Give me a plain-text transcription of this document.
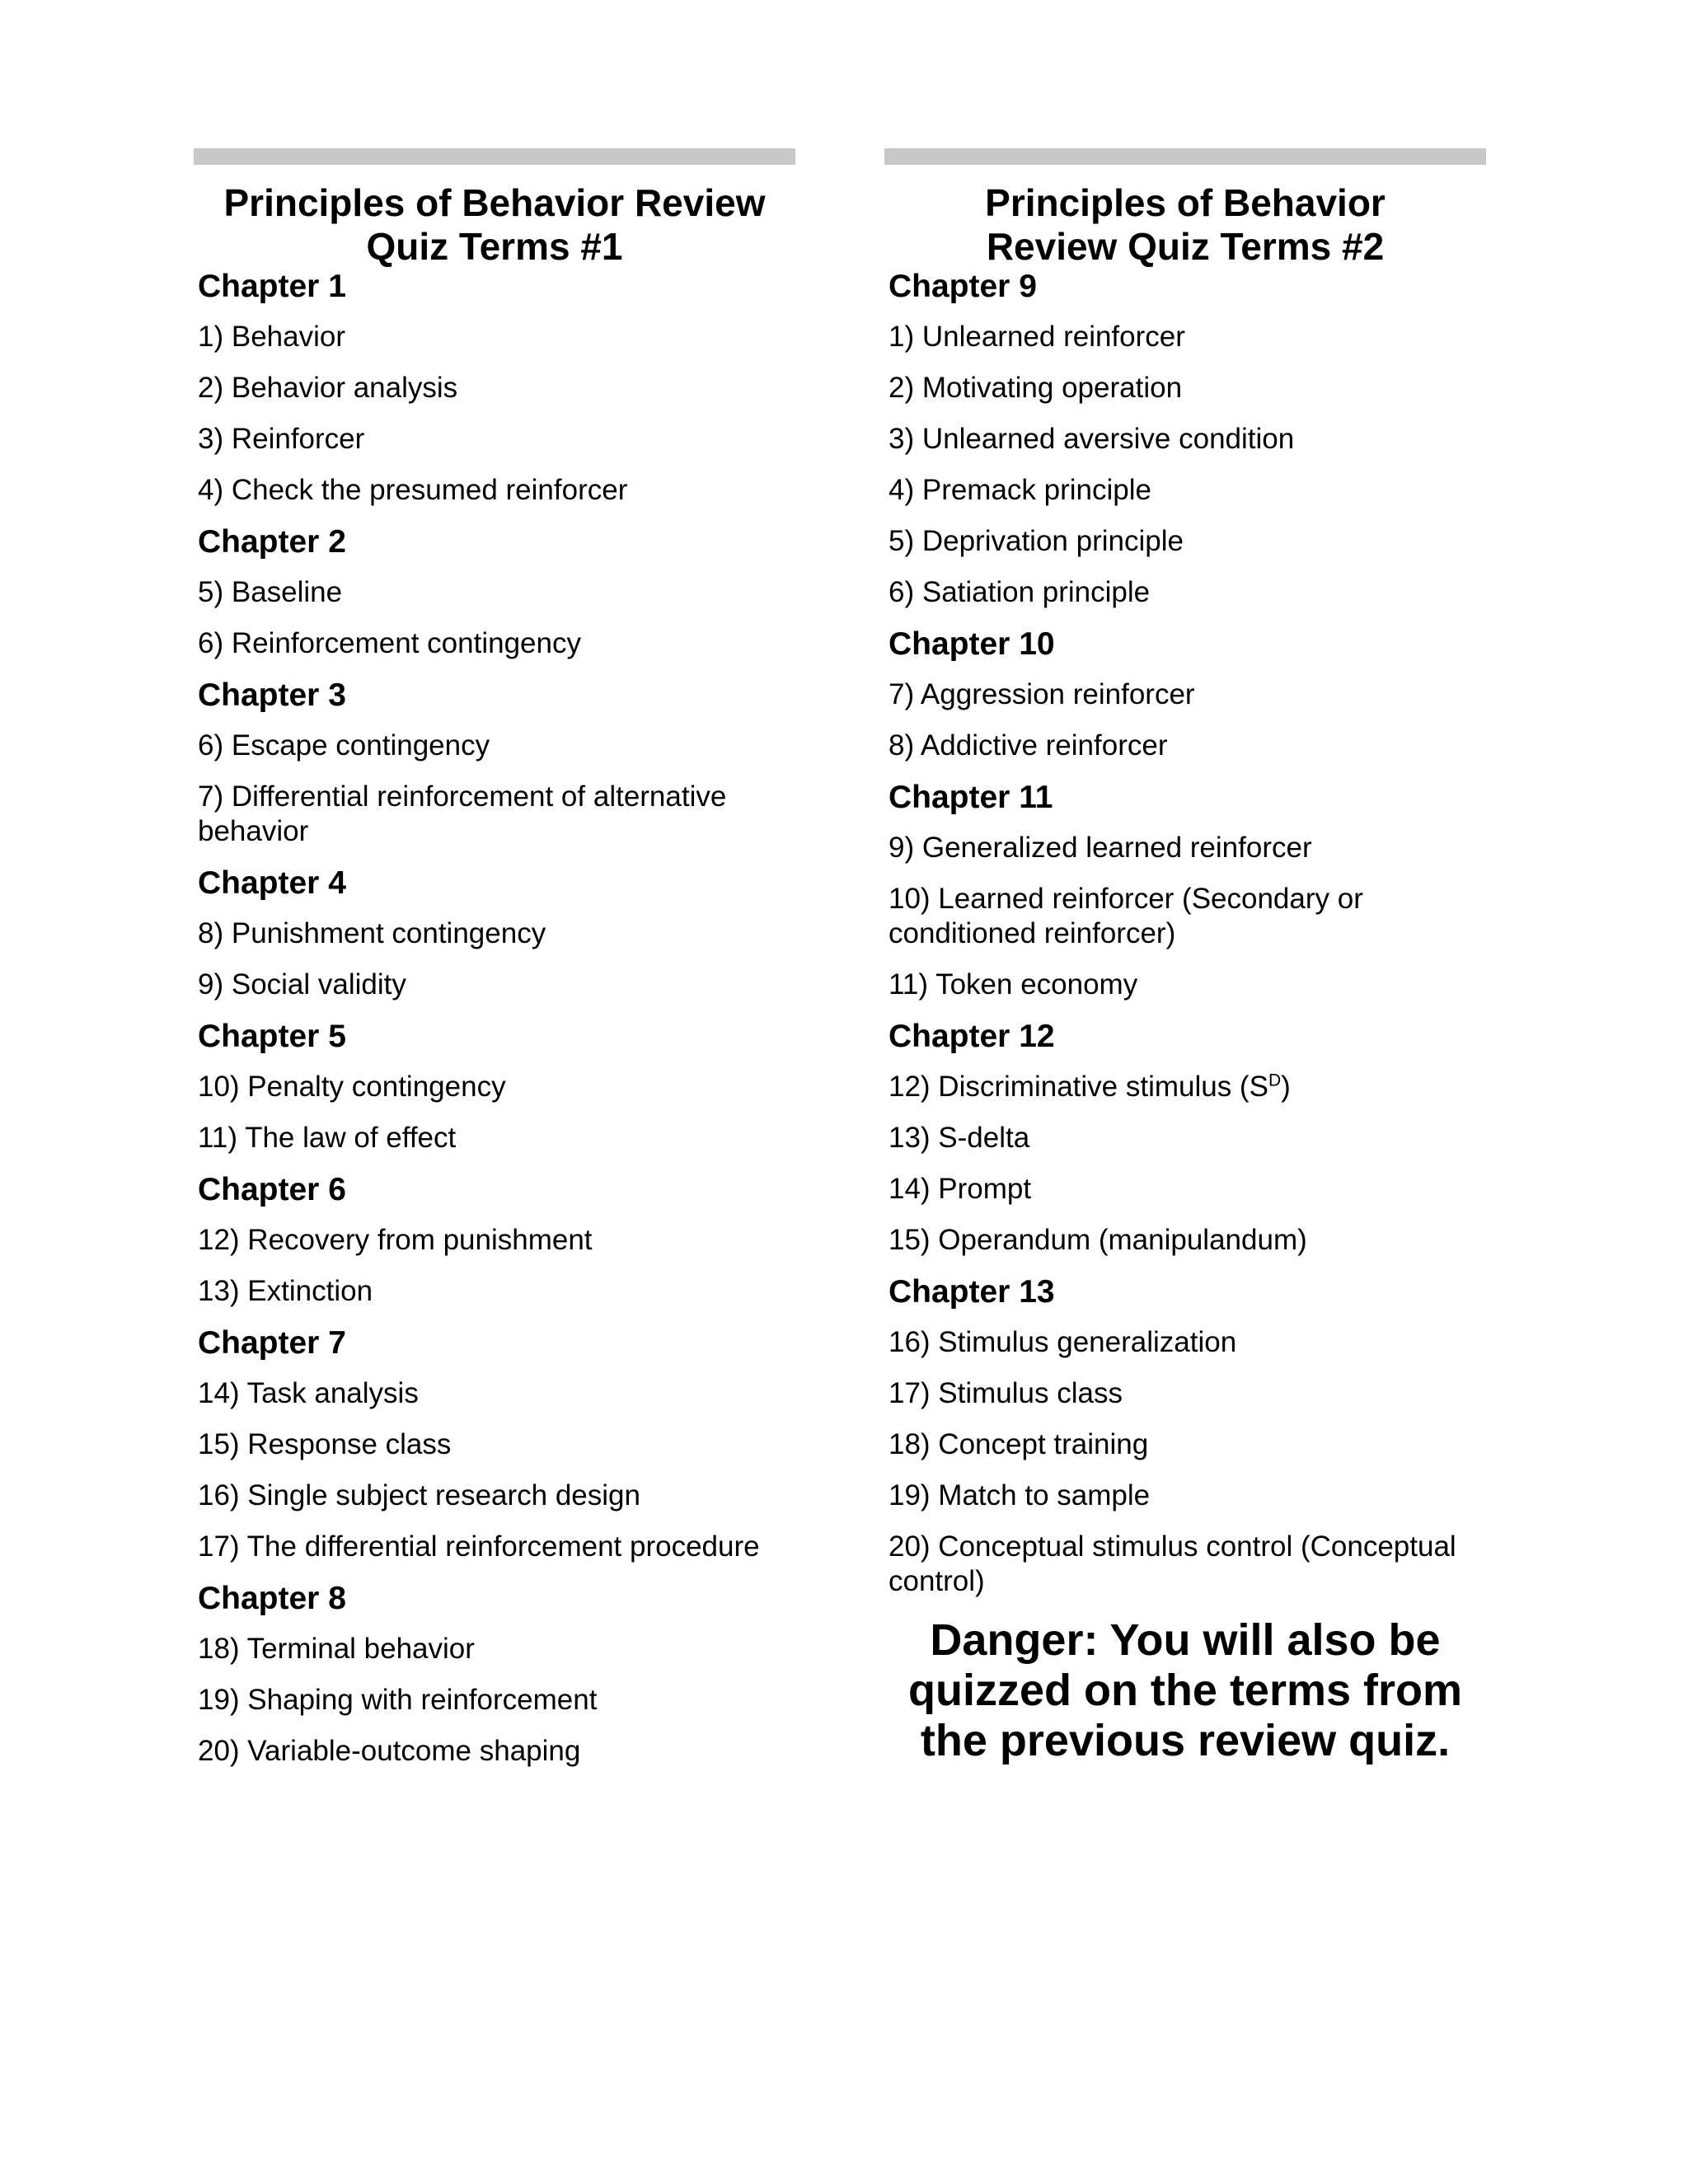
Principles of Behavior Review
Quiz Terms #1
Chapter 1
1) Behavior
2) Behavior analysis
3) Reinforcer
4) Check the presumed reinforcer
Chapter 2
5) Baseline
6) Reinforcement contingency
Chapter 3
6) Escape contingency
7) Differential reinforcement of alternative behavior
Chapter 4
8) Punishment contingency
9) Social validity
Chapter 5
10) Penalty contingency
11) The law of effect
Chapter 6
12) Recovery from punishment
13) Extinction
Chapter 7
14) Task analysis
15) Response class
16) Single subject research design
17) The differential reinforcement procedure
Chapter 8
18) Terminal behavior
19) Shaping with reinforcement
20) Variable-outcome shaping
Principles of Behavior
Review Quiz Terms #2
Chapter 9
1) Unlearned reinforcer
2) Motivating operation
3) Unlearned aversive condition
4) Premack principle
5) Deprivation principle
6) Satiation principle
Chapter 10
7) Aggression reinforcer
8) Addictive reinforcer
Chapter 11
9) Generalized learned reinforcer
10) Learned reinforcer (Secondary or conditioned reinforcer)
11) Token economy
Chapter 12
12) Discriminative stimulus $(S^D)$
13) S-delta
14) Prompt
15) Operandum (manipulandum)
Chapter 13
16) Stimulus generalization
17) Stimulus class
18) Concept training
19) Match to sample
20) Conceptual stimulus control (Conceptual control)
Danger: You will also be
quizzed on the terms from
the previous review quiz.
